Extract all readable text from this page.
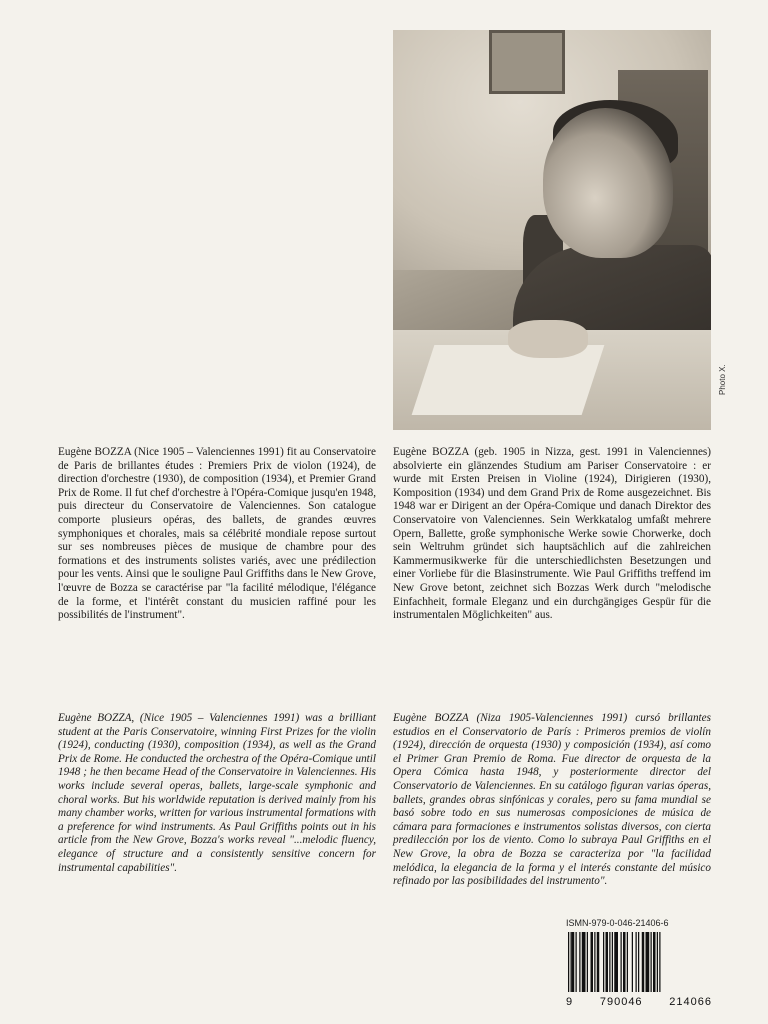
Photo X.

Eugène BOZZA (Nice 1905 – Valenciennes 1991) fit au Conservatoire de Paris de brillantes études : Premiers Prix de violon (1924), de direction d'orchestre (1930), de composition (1934), et Premier Grand Prix de Rome. Il fut chef d'orchestre à l'Opéra-Comique jusqu'en 1948, puis directeur du Conservatoire de Valenciennes. Son catalogue comporte plusieurs opéras, des ballets, de grandes œuvres symphoniques et chorales, mais sa célébrité mondiale repose surtout sur ses nombreuses pièces de musique de chambre pour des formations et des instruments solistes variés, avec une prédilection pour les vents. Ainsi que le souligne Paul Griffiths dans le New Grove, l'œuvre de Bozza se caractérise par "la facilité mélodique, l'élégance de la forme, et l'intérêt constant du musicien raffiné pour les possibilités de l'instrument".

Eugène BOZZA (geb. 1905 in Nizza, gest. 1991 in Valenciennes) absolvierte ein glänzendes Studium am Pariser Conservatoire : er wurde mit Ersten Preisen in Violine (1924), Dirigieren (1930), Komposition (1934) und dem Grand Prix de Rome ausgezeichnet. Bis 1948 war er Dirigent an der Opéra-Comique und danach Direktor des Conservatoire von Valenciennes. Sein Werkkatalog umfaßt mehrere Opern, Ballette, große symphonische Werke sowie Chorwerke, doch sein Weltruhm gründet sich hauptsächlich auf die zahlreichen Kammermusikwerke für die unterschiedlichsten Besetzungen und einer Vorliebe für die Blasinstrumente. Wie Paul Griffiths treffend im New Grove betont, zeichnet sich Bozzas Werk durch "melodische Einfachheit, formale Eleganz und ein durchgängiges Gespür für die instrumentalen Möglichkeiten" aus.

Eugène BOZZA, (Nice 1905 – Valenciennes 1991) was a brilliant student at the Paris Conservatoire, winning First Prizes for the violin (1924), conducting (1930), composition (1934), as well as the Grand Prix de Rome. He conducted the orchestra of the Opéra-Comique until 1948 ; he then became Head of the Conservatoire in Valenciennes. His works include several operas, ballets, large-scale symphonic and choral works. But his worldwide reputation is derived mainly from his many chamber works, written for various instrumental formations with a preference for wind instruments. As Paul Griffiths points out in his article from the New Grove, Bozza's works reveal "...melodic fluency, elegance of structure and a consistently sensitive concern for instrumental capabilities".

Eugène BOZZA (Niza 1905-Valenciennes 1991) cursó brillantes estudios en el Conservatorio de París : Primeros premios de violín (1924), dirección de orquesta (1930) y composición (1934), así como el Primer Gran Premio de Roma. Fue director de orquesta de la Opera Cómica hasta 1948, y posteriormente director del Conservatorio de Valenciennes. En su catálogo figuran varias óperas, ballets, grandes obras sinfónicas y corales, pero su fama mundial se basó sobre todo en sus numerosas composiciones de música de cámara para formaciones e instrumentos solistas diversos, con cierta predilección por los de viento. Como lo subraya Paul Griffiths en el New Grove, la obra de Bozza se caracteriza por "la facilidad melódica, la elegancia de la forma y el interés constante del músico refinado por las posibilidades del instrumento".

ISMN-979-0-046-21406-6
9 790046 214066
